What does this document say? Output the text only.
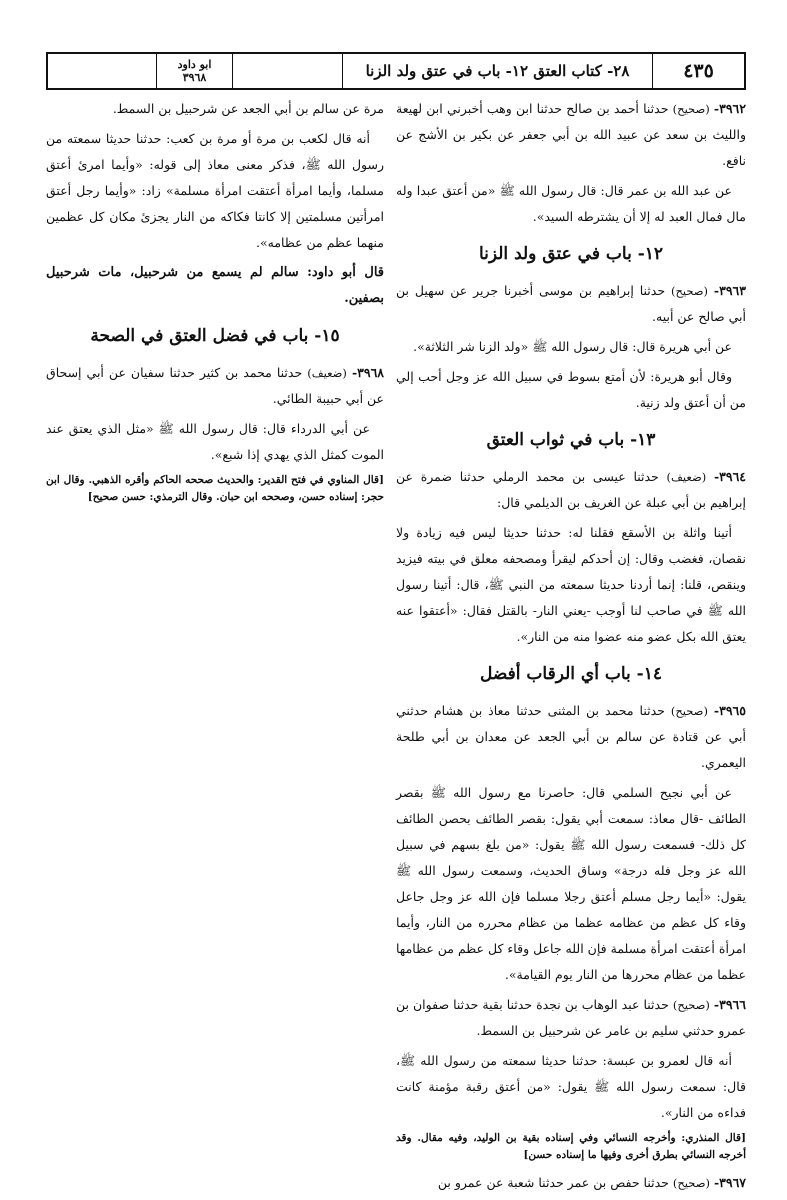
٤٣٥
٢٨- كتاب العتق ١٢- باب في عتق ولد الزنا
ابو داود
٣٩٦٨

٣٩٦٢- (صحيح) حدثنا أحمد بن صالح حدثنا ابن وهب أخبرني ابن لهيعة والليث بن سعد عن عبيد الله بن أبي جعفر عن بكير بن الأشج عن نافع.

عن عبد الله بن عمر قال: قال رسول الله ﷺ «من أعتق عبدا وله مال فمال العبد له إلا أن يشترطه السيد».

١٢- باب في عتق ولد الزنا

٣٩٦٣- (صحيح) حدثنا إبراهيم بن موسى أخبرنا جرير عن سهيل بن أبي صالح عن أبيه.

عن أبي هريرة قال: قال رسول الله ﷺ «ولد الزنا شر الثلاثة».

وقال أبو هريرة: لأن أمتع بسوط في سبيل الله عز وجل أحب إلي من أن أعتق ولد زنية.

١٣- باب في ثواب العتق

٣٩٦٤- (ضعيف) حدثنا عيسى بن محمد الرملي حدثنا ضمرة عن إبراهيم بن أبي عبلة عن الغريف بن الديلمي قال:

أتينا واثلة بن الأسقع فقلنا له: حدثنا حديثا ليس فيه زيادة ولا نقصان، فغضب وقال: إن أحدكم ليقرأ ومصحفه معلق في بيته فيزيد وينقص، قلنا: إنما أردنا حديثا سمعته من النبي ﷺ، قال: أتينا رسول الله ﷺ في صاحب لنا أوجب -يعني النار- بالقتل فقال: «أعتقوا عنه يعتق الله بكل عضو منه عضوا منه من النار».

١٤- باب أي الرقاب أفضل

٣٩٦٥- (صحيح) حدثنا محمد بن المثنى حدثنا معاذ بن هشام حدثني أبي عن قتادة عن سالم بن أبي الجعد عن معدان بن أبي طلحة اليعمري.

عن أبي نجيح السلمي قال: حاصرنا مع رسول الله ﷺ بقصر الطائف -قال معاذ: سمعت أبي يقول: بقصر الطائف بحصن الطائف كل ذلك- فسمعت رسول الله ﷺ يقول: «من بلغ بسهم في سبيل الله عز وجل فله درجة» وساق الحديث، وسمعت رسول الله ﷺ يقول: «أيما رجل مسلم أعتق رجلا مسلما فإن الله عز وجل جاعل وقاء كل عظم من عظامه عظما من عظام محرره من النار، وأيما امرأة أعتقت امرأة مسلمة فإن الله جاعل وقاء كل عظم من عظامها عظما من عظام محررها من النار يوم القيامة».

٣٩٦٦- (صحيح) حدثنا عبد الوهاب بن نجدة حدثنا بقية حدثنا صفوان بن عمرو حدثني سليم بن عامر عن شرحبيل بن السمط.

أنه قال لعمرو بن عبسة: حدثنا حديثا سمعته من رسول الله ﷺ، قال: سمعت رسول الله ﷺ يقول: «من أعتق رقبة مؤمنة كانت فداءه من النار».

[قال المنذري: وأخرجه النسائي وفي إسناده بقية بن الوليد، وفيه مقال. وقد أخرجه النسائي بطرق أخرى وفيها ما إسناده حسن]

٣٩٦٧- (صحيح) حدثنا حفص بن عمر حدثنا شعبة عن عمرو بن

مرة عن سالم بن أبي الجعد عن شرحبيل بن السمط.

أنه قال لكعب بن مرة أو مرة بن كعب: حدثنا حديثا سمعته من رسول الله ﷺ، فذكر معنى معاذ إلى قوله: «وأيما امرئ أعتق مسلما، وأيما امرأة أعتقت امرأة مسلمة» زاد: «وأيما رجل أعتق امرأتين مسلمتين إلا كانتا فكاكه من النار يجزئ مكان كل عظمين منهما عظم من عظامه».

قال أبو داود: سالم لم يسمع من شرحبيل، مات شرحبيل بصفين.
١٥- باب في فضل العتق في الصحة

٣٩٦٨- (ضعيف) حدثنا محمد بن كثير حدثنا سفيان عن أبي إسحاق عن أبي حبيبة الطائي.

عن أبي الدرداء قال: قال رسول الله ﷺ «مثل الذي يعتق عند الموت كمثل الذي يهدي إذا شبع».

[قال المناوي في فتح القدير: والحديث صححه الحاكم وأقره الذهبي. وقال ابن حجر: إسناده حسن، وصححه ابن حبان. وقال الترمذي: حسن صحيح]
